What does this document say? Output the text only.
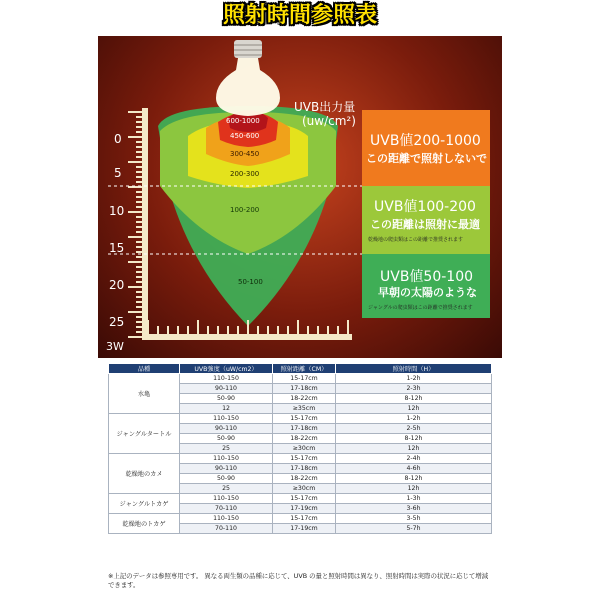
照射時間参照表
0
5
10
15
20
25
3W
UVB出力量
(uw/cm²)
600-1000
450-600
300-450
200-300
100-200
50-100
UVB値200-1000
この距離で照射しないで
UVB値100-200
この距離は照射に最適
乾燥地の爬虫類はこの距離で推奨されます
UVB値50-100
早朝の太陽のような
ジャングルの爬虫類はこの距離で推奨されます
品種	UVB強度（uW/cm2）	照射距離（CM）	照射時間（H）
水亀	110-150	15-17cm	1-2h
	90-110	17-18cm	2-3h
	50-90	18-22cm	8-12h
	12	≥35cm	12h
ジャングルタートル	110-150	15-17cm	1-2h
	90-110	17-18cm	2-5h
	50-90	18-22cm	8-12h
	25	≥30cm	12h
乾燥地のカメ	110-150	15-17cm	2-4h
	90-110	17-18cm	4-6h
	50-90	18-22cm	8-12h
	25	≥30cm	12h
ジャングルトカゲ	110-150	15-17cm	1-3h
	70-110	17-19cm	3-6h
乾燥地のトカゲ	110-150	15-17cm	3-5h
	70-110	17-19cm	5-7h
※上記のデータは参照専用です。 異なる両生類の品種に応じて、UVB の量と照射時間は異なり、照射時間は実際の状況に応じて増減できます。
